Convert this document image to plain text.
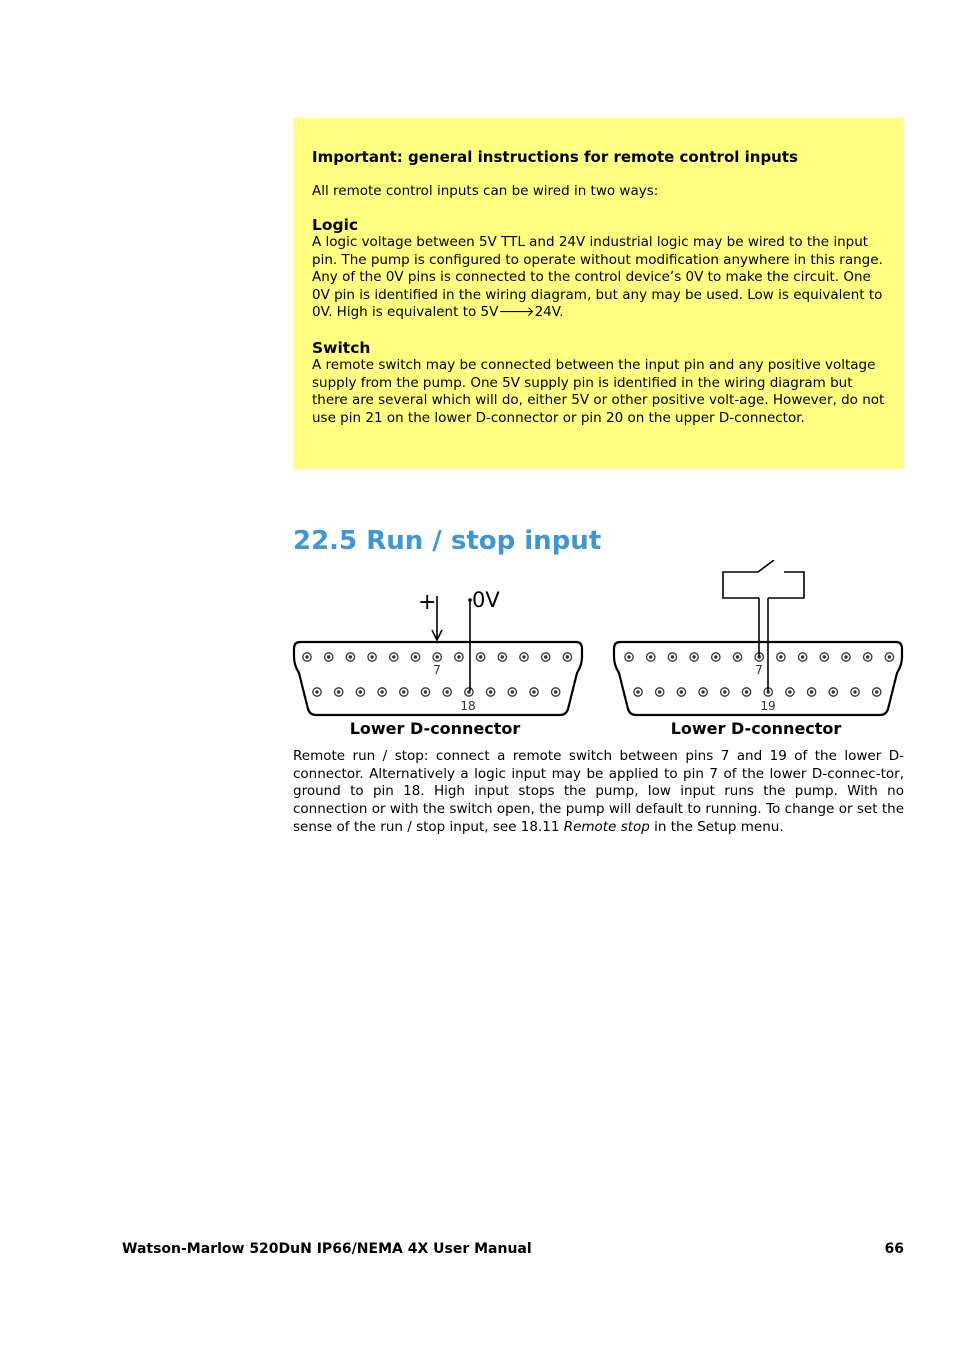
Important: general instructions for remote control inputs

All remote control inputs can be wired in two ways:

Logic

A logic voltage between 5V TTL and 24V industrial logic may be wired to the input pin. The pump is configured to operate without modification anywhere in this range. Any of the 0V pins is connected to the control device’s 0V to make the circuit. One 0V pin is identified in the wiring diagram, but any may be used. Low is equivalent to 0V. High is equivalent to 5V🡒24V.

Switch

A remote switch may be connected between the input pin and any positive voltage supply from the pump. One 5V supply pin is identified in the wiring diagram but there are several which will do, either 5V or other positive volt-age. However, do not use pin 21 on the lower D-connector or pin 20 on the upper D-connector.

22.5 Run / stop input
+ 0V
7
18
Lower D-connector
7
19
Lower D-connector

Remote run / stop: connect a remote switch between pins 7 and 19 of the lower D-connector. Alternatively a logic input may be applied to pin 7 of the lower D-connec-tor, ground to pin 18. High input stops the pump, low input runs the pump. With no connection or with the switch open, the pump will default to running. To change or set the sense of the run / stop input, see 18.11 Remote stop in the Setup menu.

Watson-Marlow 520DuN IP66/NEMA 4X User Manual	66
